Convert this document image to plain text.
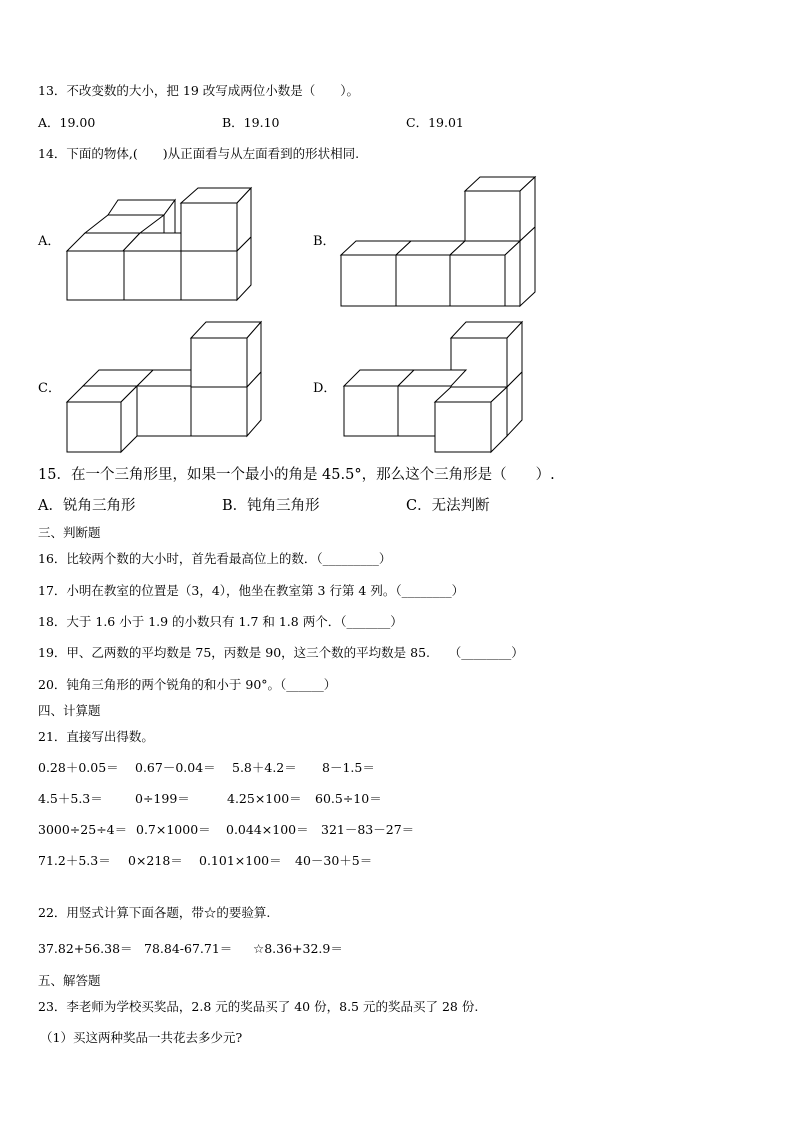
13．不改变数的大小，把 19 改写成两位小数是（　　）。
A．19.00	B．19.10	C．19.01
14．下面的物体,(　　)从正面看与从左面看到的形状相同.
A．	B．
C．	D．
15．在一个三角形里，如果一个最小的角是 45.5°，那么这个三角形是（　　）.
A．锐角三角形	B．钝角三角形	C．无法判断
三、判断题
16．比较两个数的大小时，首先看最高位上的数．（_________）
17．小明在教室的位置是（3，4），他坐在教室第 3 行第 4 列。（________）
18．大于 1.6 小于 1.9 的小数只有 1.7 和 1.8 两个．（_______）
19．甲、乙两数的平均数是 75，丙数是 90，这三个数的平均数是 85.　　（________）
20．钝角三角形的两个锐角的和小于 90°。（______）
四、计算题
21．直接写出得数。
0.28＋0.05＝ 0.67－0.04＝ 5.8＋4.2＝ 8－1.5＝
4.5＋5.3＝	0÷199＝	4.25×100＝ 60.5÷10＝
3000÷25÷4＝ 0.7×1000＝ 0.044×100＝ 321－83－27＝
71.2＋5.3＝ 0×218＝ 0.101×100＝ 40－30＋5＝
22．用竖式计算下面各题，带☆的要验算.
37.82+56.38＝ 78.84-67.71＝ ☆8.36+32.9＝
五、解答题
23．李老师为学校买奖品，2.8 元的奖品买了 40 份，8.5 元的奖品买了 28 份.
（1）买这两种奖品一共花去多少元?
